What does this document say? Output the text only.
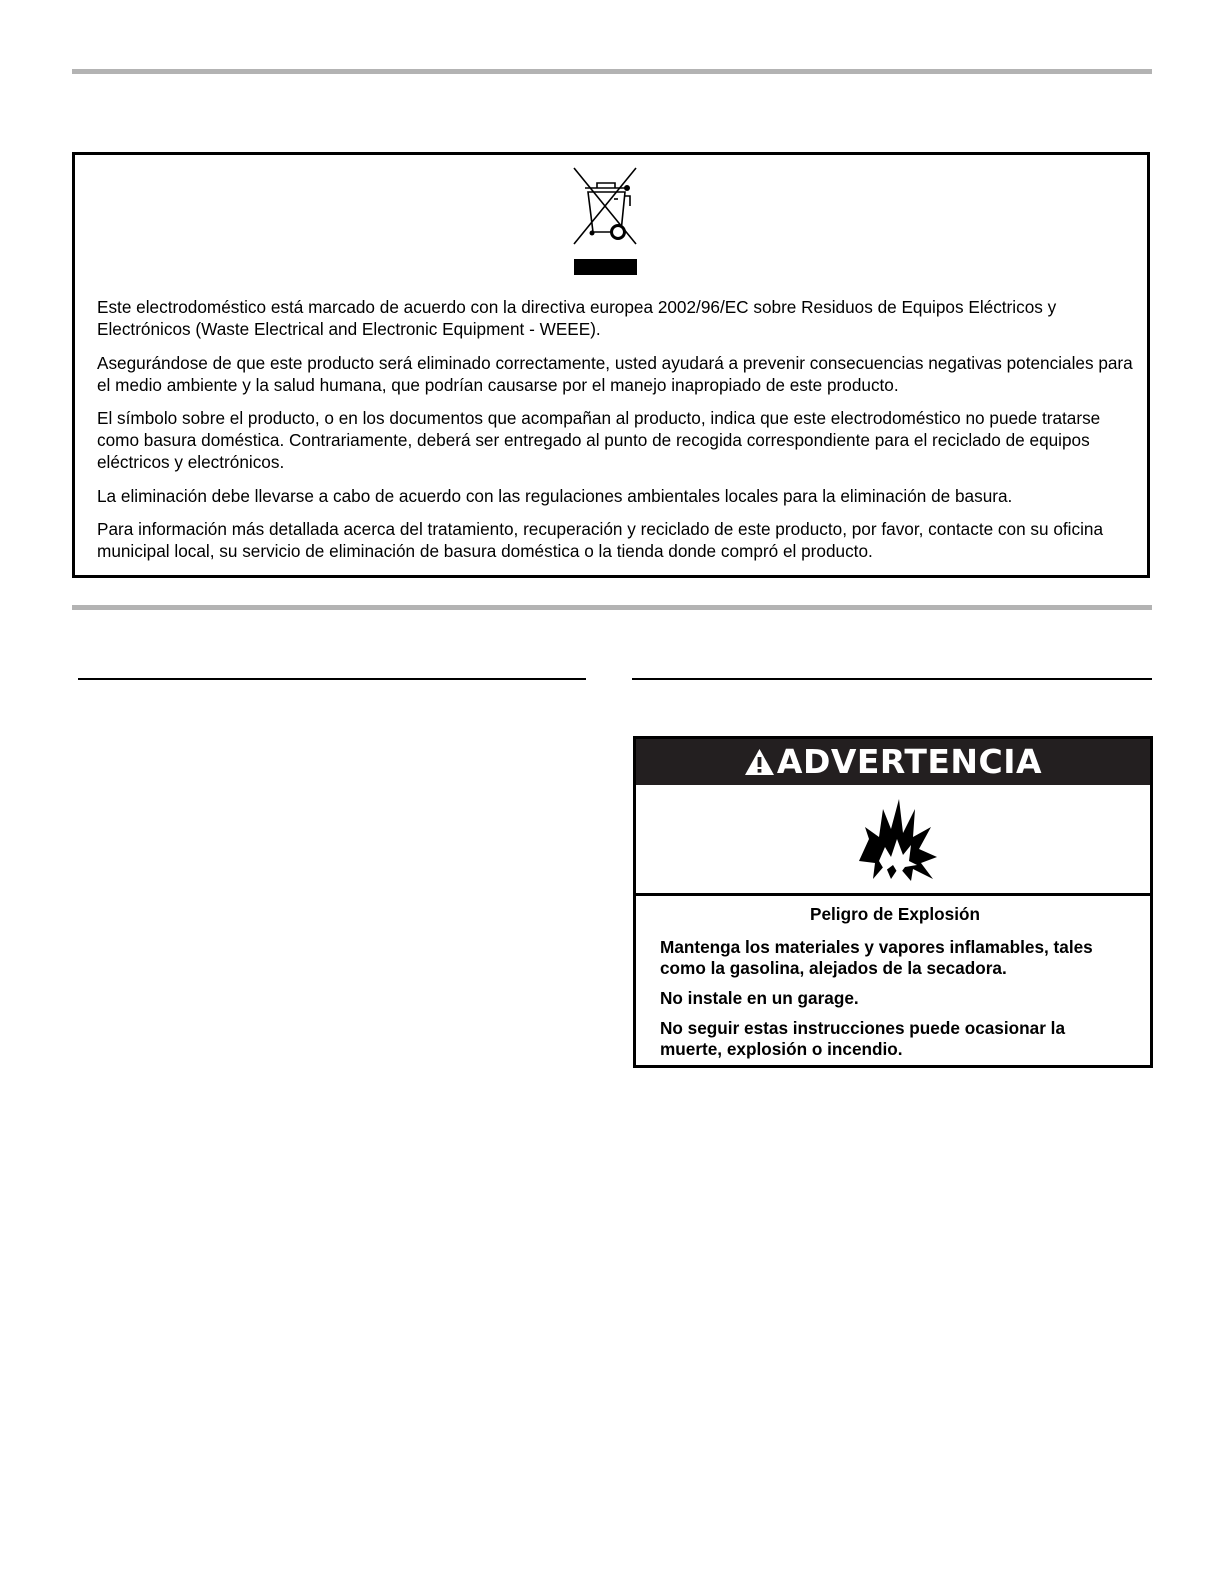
Este electrodoméstico está marcado de acuerdo con la directiva europea 2002/96/EC sobre Residuos de Equipos Eléctricos y Electrónicos (Waste Electrical and Electronic Equipment - WEEE).

Asegurándose de que este producto será eliminado correctamente, usted ayudará a prevenir consecuencias negativas potenciales para el medio ambiente y la salud humana, que podrían causarse por el manejo inapropiado de este producto.

El símbolo sobre el producto, o en los documentos que acompañan al producto, indica que este electrodoméstico no puede tratarse como basura doméstica. Contrariamente, deberá ser entregado al punto de recogida correspondiente para el reciclado de equipos eléctricos y electrónicos.

La eliminación debe llevarse a cabo de acuerdo con las regulaciones ambientales locales para la eliminación de basura.

Para información más detallada acerca del tratamiento, recuperación y reciclado de este producto, por favor, contacte con su oficina municipal local, su servicio de eliminación de basura doméstica o la tienda donde compró el producto.

ADVERTENCIA
Peligro de Explosión

Mantenga los materiales y vapores inflamables, tales como la gasolina, alejados de la secadora.

No instale en un garage.

No seguir estas instrucciones puede ocasionar la muerte, explosión o incendio.
